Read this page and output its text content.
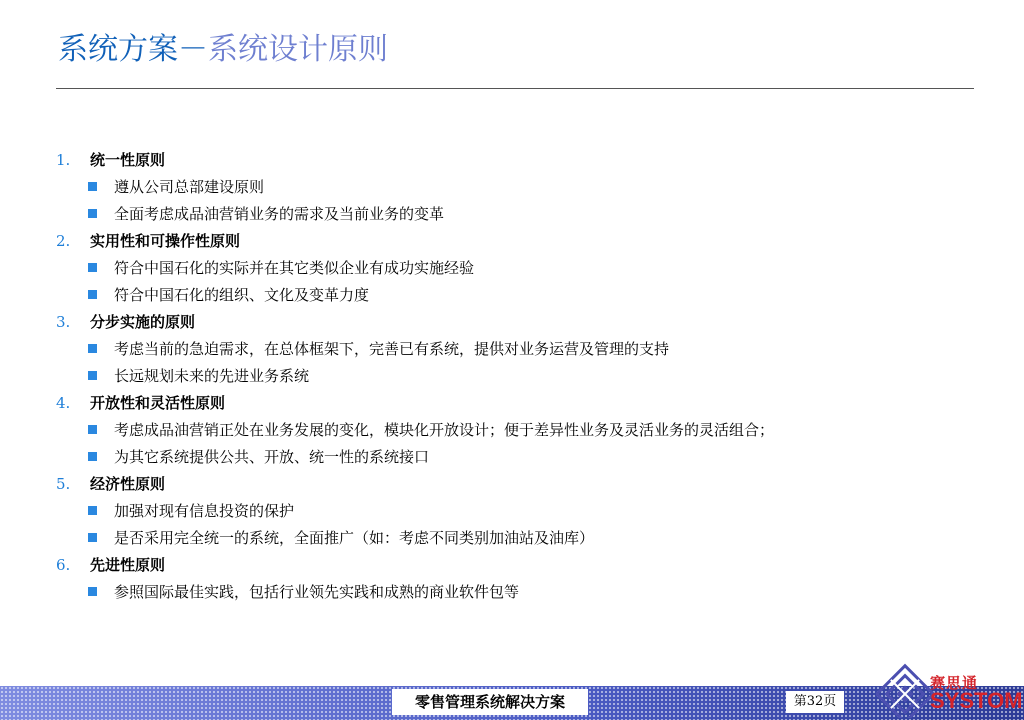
系统方案－系统设计原则
1. 统一性原则
遵从公司总部建设原则
全面考虑成品油营销业务的需求及当前业务的变革
2. 实用性和可操作性原则
符合中国石化的实际并在其它类似企业有成功实施经验
符合中国石化的组织、文化及变革力度
3. 分步实施的原则
考虑当前的急迫需求，在总体框架下，完善已有系统，提供对业务运营及管理的支持
长远规划未来的先进业务系统
4. 开放性和灵活性原则
考虑成品油营销正处在业务发展的变化，模块化开放设计；便于差异性业务及灵活业务的灵活组合；
为其它系统提供公共、开放、统一性的系统接口
5. 经济性原则
加强对现有信息投资的保护
是否采用完全统一的系统，全面推广（如：考虑不同类别加油站及油库）
6. 先进性原则
参照国际最佳实践，包括行业领先实践和成熟的商业软件包等
零售管理系统解决方案	第32页
赛思通
SYSTOM
